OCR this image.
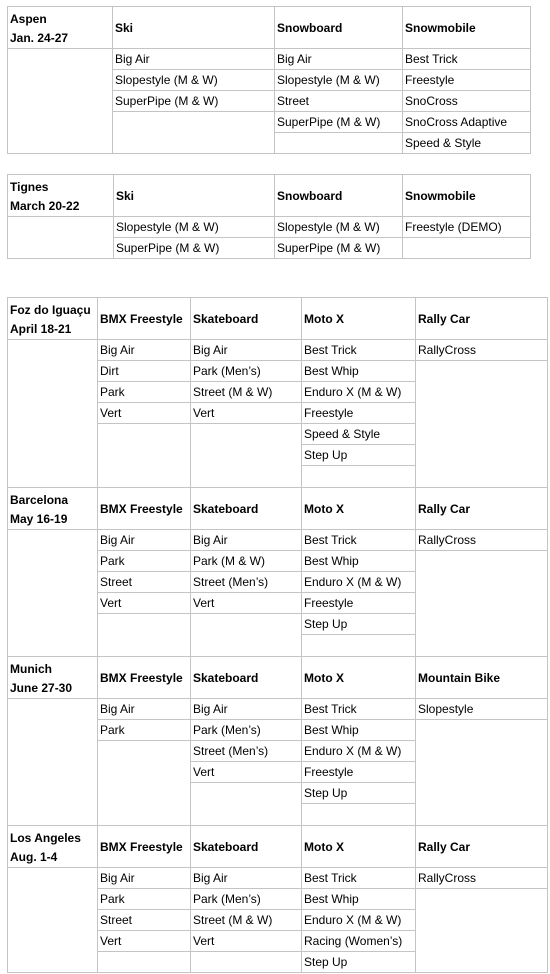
Aspen
Jan. 24-27	Ski	Snowboard	Snowmobile
	Big Air	Big Air	Best Trick
	Slopestyle (M & W)	Slopestyle (M & W)	Freestyle
	SuperPipe (M & W)	Street	SnoCross
		SuperPipe (M & W)	SnoCross Adaptive
			Speed & Style
Tignes
March 20-22	Ski	Snowboard	Snowmobile
	Slopestyle (M & W)	Slopestyle (M & W)	Freestyle (DEMO)
	SuperPipe (M & W)	SuperPipe (M & W)	
Foz do Iguaçu
April 18-21	BMX Freestyle	Skateboard	Moto X	Rally Car
	Big Air	Big Air	Best Trick	RallyCross
	Dirt	Park (Men’s)	Best Whip	
	Park	Street (M & W)	Enduro X (M & W)	
	Vert	Vert	Freestyle	
			Speed & Style	
			Step Up	

Barcelona
May 16-19	BMX Freestyle	Skateboard	Moto X	Rally Car
	Big Air	Big Air	Best Trick	RallyCross
	Park	Park (M & W)	Best Whip	
	Street	Street (Men’s)	Enduro X (M & W)	
	Vert	Vert	Freestyle	
			Step Up	

Munich
June 27-30	BMX Freestyle	Skateboard	Moto X	Mountain Bike
	Big Air	Big Air	Best Trick	Slopestyle
	Park	Park (Men’s)	Best Whip	
		Street (Men’s)	Enduro X (M & W)	
		Vert	Freestyle	
			Step Up	

Los Angeles
Aug. 1-4	BMX Freestyle	Skateboard	Moto X	Rally Car
	Big Air	Big Air	Best Trick	RallyCross
	Park	Park (Men’s)	Best Whip	
	Street	Street (M & W)	Enduro X (M & W)	
	Vert	Vert	Racing (Women’s)	
			Step Up	
